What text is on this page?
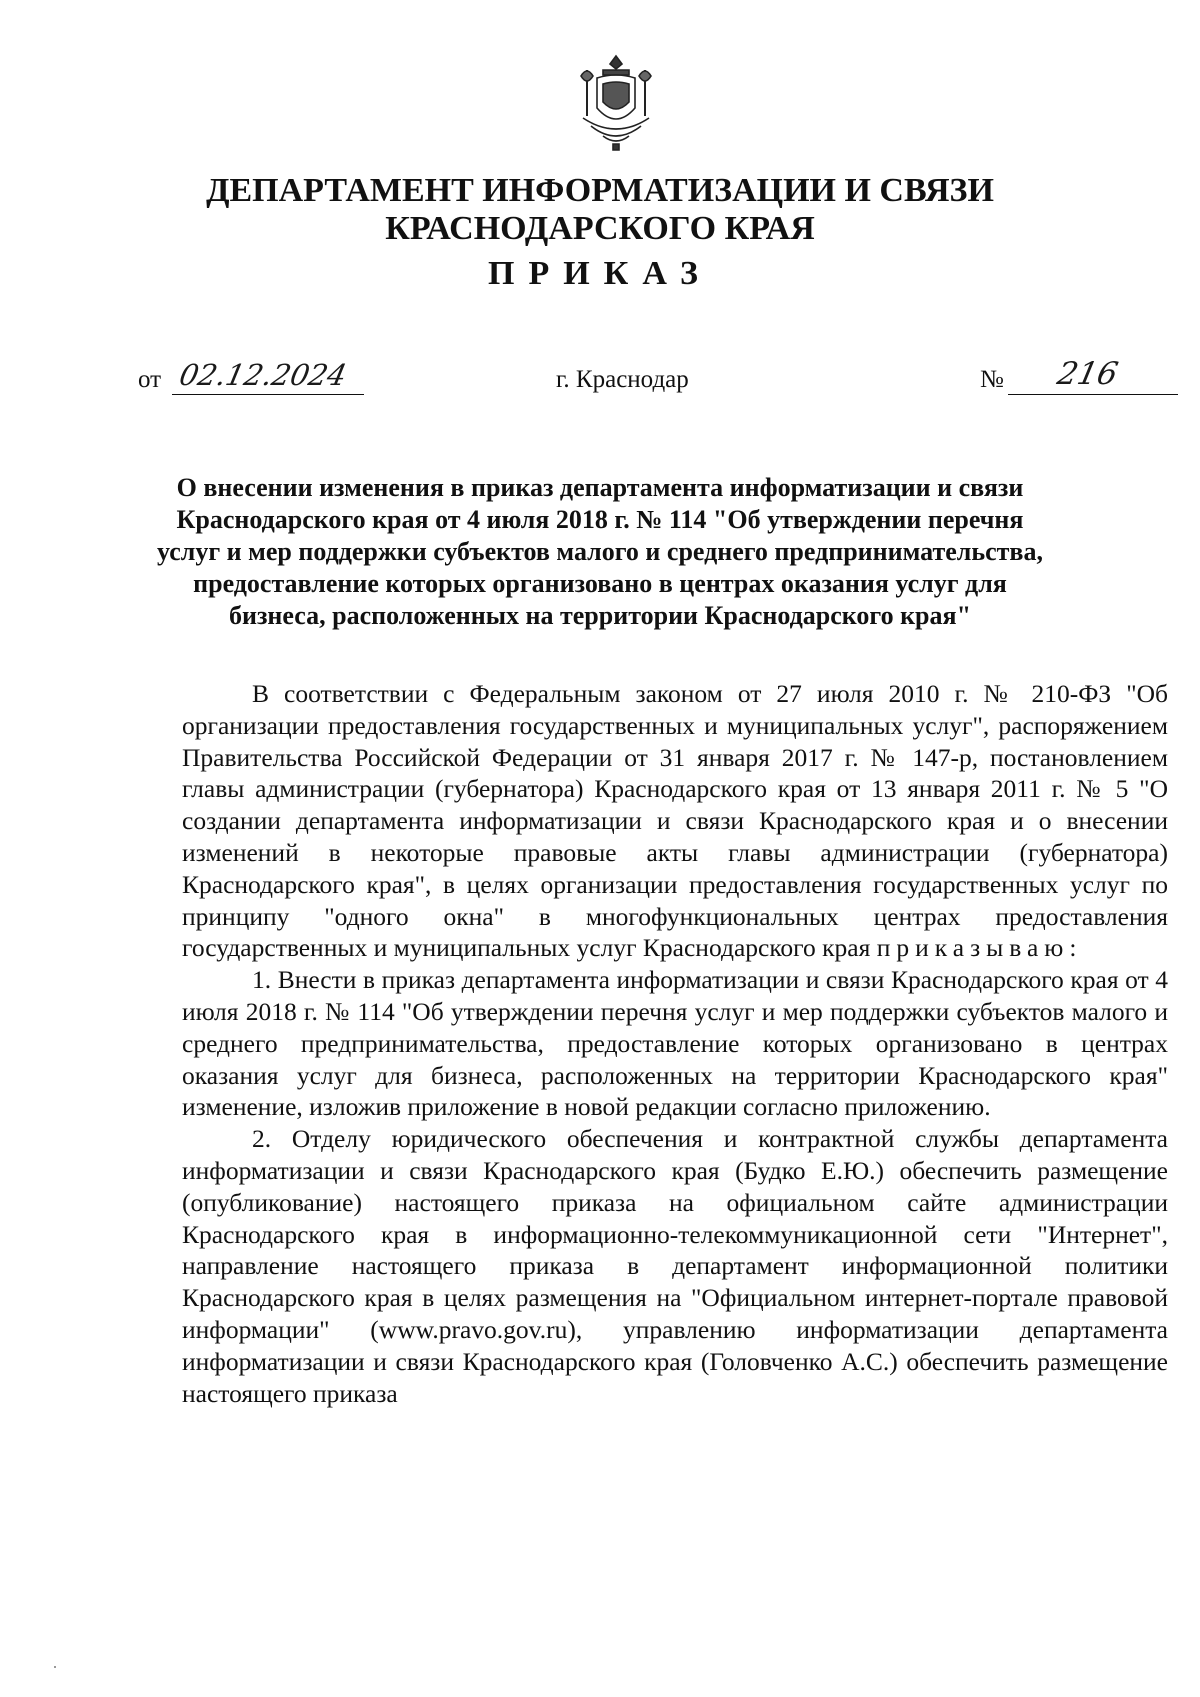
ДЕПАРТАМЕНТ ИНФОРМАТИЗАЦИИ И СВЯЗИ
КРАСНОДАРСКОГО КРАЯ
ПРИКАЗ
от 02.12.2024	г. Краснодар	№ 216
О внесении изменения в приказ департамента информатизации и связи Краснодарского края от 4 июля 2018 г. № 114 "Об утверждении перечня услуг и мер поддержки субъектов малого и среднего предпринимательства, предоставление которых организовано в центрах оказания услуг для бизнеса, расположенных на территории Краснодарского края"

В соответствии с Федеральным законом от 27 июля 2010 г. № 210-ФЗ "Об организации предоставления государственных и муниципальных услуг", распоряжением Правительства Российской Федерации от 31 января 2017 г. № 147-р, постановлением главы администрации (губернатора) Краснодарского края от 13 января 2011 г. № 5 "О создании департамента информатизации и связи Краснодарского края и о внесении изменений в некоторые правовые акты главы администрации (губернатора) Краснодарского края", в целях организации предоставления государственных услуг по принципу "одного окна" в многофункциональных центрах предоставления государственных и муниципальных услуг Краснодарского края приказываю:

1. Внести в приказ департамента информатизации и связи Краснодарского края от 4 июля 2018 г. № 114 "Об утверждении перечня услуг и мер поддержки субъектов малого и среднего предпринимательства, предоставление которых организовано в центрах оказания услуг для бизнеса, расположенных на территории Краснодарского края" изменение, изложив приложение в новой редакции согласно приложению.

2. Отделу юридического обеспечения и контрактной службы департамента информатизации и связи Краснодарского края (Будко Е.Ю.) обеспечить размещение (опубликование) настоящего приказа на официальном сайте администрации Краснодарского края в информационно-телекоммуникационной сети "Интернет", направление настоящего приказа в департамент информационной политики Краснодарского края в целях размещения на "Официальном интернет-портале правовой информации" (www.pravo.gov.ru), управлению информатизации департамента информатизации и связи Краснодарского края (Головченко А.С.) обеспечить размещение настоящего приказа
